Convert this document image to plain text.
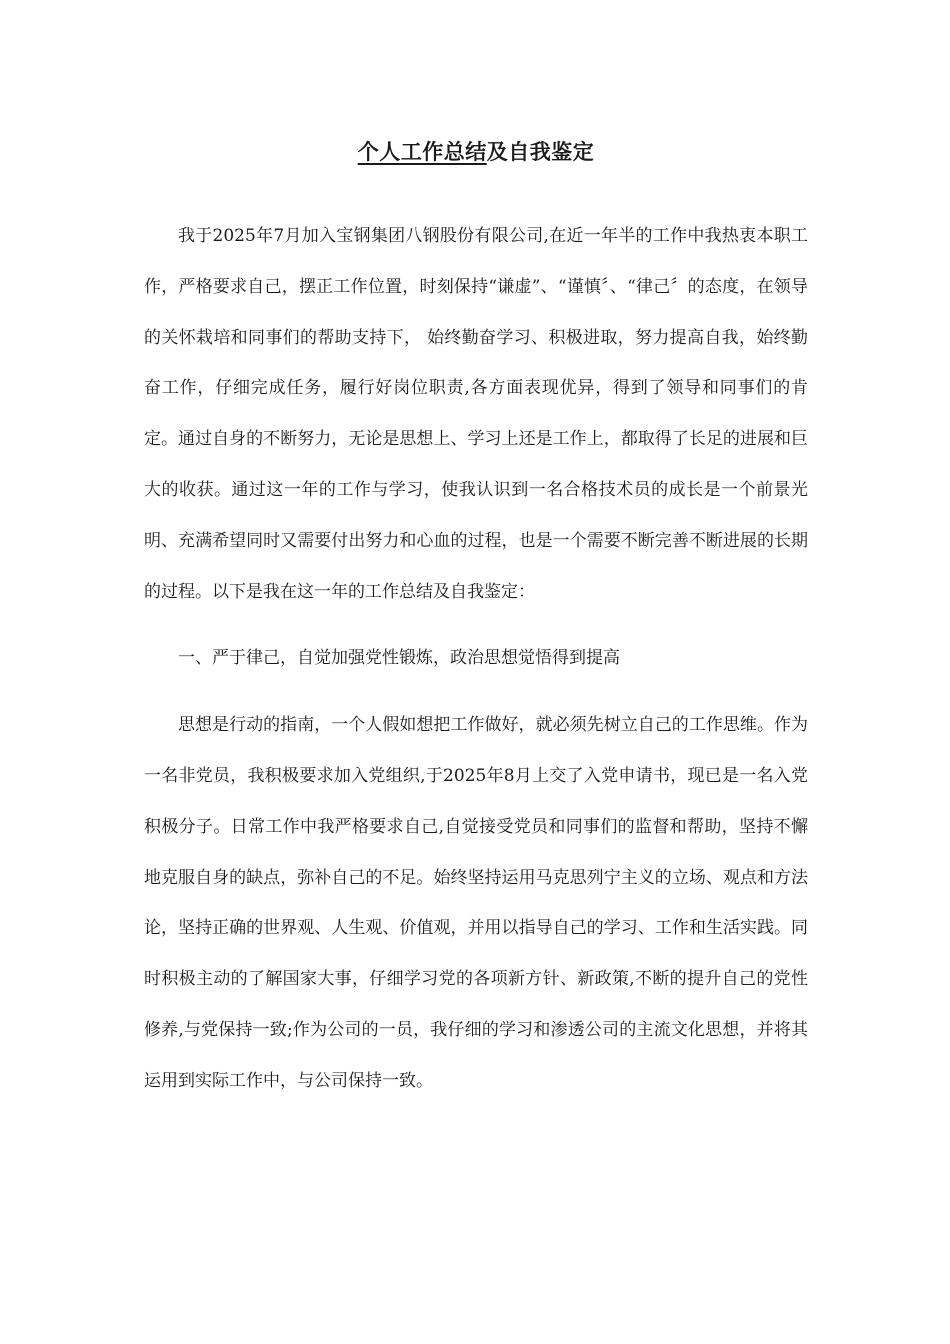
个人工作总结及自我鉴定

我于2025年7月加入宝钢集团八钢股份有限公司,在近一年半的工作中我热衷本职工作，严格要求自己，摆正工作位置，时刻保持“谦虚”、“谨慎〞、“律己〞的态度，在领导的关怀栽培和同事们的帮助支持下， 始终勤奋学习、积极进取，努力提高自我，始终勤奋工作，仔细完成任务，履行好岗位职责,各方面表现优异，得到了领导和同事们的肯定。通过自身的不断努力，无论是思想上、学习上还是工作上，都取得了长足的进展和巨大的收获。通过这一年的工作与学习，使我认识到一名合格技术员的成长是一个前景光明、充满希望同时又需要付出努力和心血的过程，也是一个需要不断完善不断进展的长期的过程。以下是我在这一年的工作总结及自我鉴定：

一、严于律己，自觉加强党性锻炼，政治思想觉悟得到提高

思想是行动的指南，一个人假如想把工作做好，就必须先树立自己的工作思维。作为一名非党员，我积极要求加入党组织,于2025年8月上交了入党申请书，现已是一名入党积极分子。日常工作中我严格要求自己,自觉接受党员和同事们的监督和帮助，坚持不懈地克服自身的缺点，弥补自己的不足。始终坚持运用马克思列宁主义的立场、观点和方法论，坚持正确的世界观、人生观、价值观，并用以指导自己的学习、工作和生活实践。同时积极主动的了解国家大事，仔细学习党的各项新方针、新政策,不断的提升自己的党性修养,与党保持一致;作为公司的一员，我仔细的学习和渗透公司的主流文化思想，并将其运用到实际工作中，与公司保持一致。
